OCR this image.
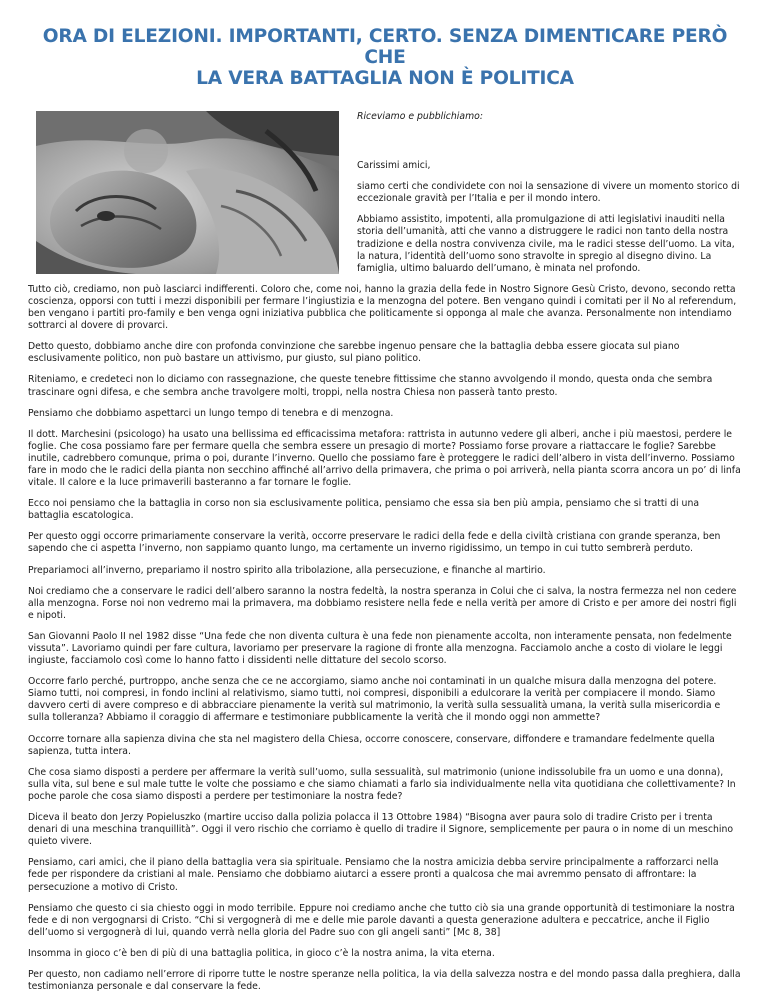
ORA DI ELEZIONI. IMPORTANTI, CERTO. SENZA DIMENTICARE PERÒ CHE
LA VERA BATTAGLIA NON È POLITICA

Riceviamo e pubblichiamo:

Carissimi amici,

siamo certi che condividete con noi la sensazione di vivere un momento storico di eccezionale gravità per l’Italia e per il mondo intero.

Abbiamo assistito, impotenti, alla promulgazione di atti legislativi inauditi nella storia dell’umanità, atti che vanno a distruggere le radici non tanto della nostra tradizione e della nostra convivenza civile, ma le radici stesse dell’uomo. La vita, la natura, l’identità dell’uomo sono stravolte in spregio al disegno divino. La famiglia, ultimo baluardo dell’umano, è minata nel profondo.

Tutto ciò, crediamo, non può lasciarci indifferenti. Coloro che, come noi, hanno la grazia della fede in Nostro Signore Gesù Cristo, devono, secondo retta coscienza, opporsi con tutti i mezzi disponibili per fermare l’ingiustizia e la menzogna del potere. Ben vengano quindi i comitati per il No al referendum, ben vengano i partiti pro-family e ben venga ogni iniziativa pubblica che politicamente si opponga al male che avanza. Personalmente non intendiamo sottrarci al dovere di provarci.

Detto questo, dobbiamo anche dire con profonda convinzione che sarebbe ingenuo pensare che la battaglia debba essere giocata sul piano esclusivamente politico, non può bastare un attivismo, pur giusto, sul piano politico.

Riteniamo, e credeteci non lo diciamo con rassegnazione, che queste tenebre fittissime che stanno avvolgendo il mondo, questa onda che sembra trascinare ogni difesa, e che sembra anche travolgere molti, troppi, nella nostra Chiesa non passerà tanto presto.

Pensiamo che dobbiamo aspettarci un lungo tempo di tenebra e di menzogna.

Il dott. Marchesini (psicologo) ha usato una bellissima ed efficacissima metafora: rattrista in autunno vedere gli alberi, anche i più maestosi, perdere le foglie. Che cosa possiamo fare per fermare quella che sembra essere un presagio di morte? Possiamo forse provare a riattaccare le foglie? Sarebbe inutile, cadrebbero comunque, prima o poi, durante l’inverno. Quello che possiamo fare è proteggere le radici dell’albero in vista dell’inverno. Possiamo fare in modo che le radici della pianta non secchino affinché all’arrivo della primavera, che prima o poi arriverà, nella pianta scorra ancora un po’ di linfa vitale. Il calore e la luce primaverili basteranno a far tornare le foglie.

Ecco noi pensiamo che la battaglia in corso non sia esclusivamente politica, pensiamo che essa sia ben più ampia, pensiamo che si tratti di una battaglia escatologica.

Per questo oggi occorre primariamente conservare la verità, occorre preservare le radici della fede e della civiltà cristiana con grande speranza, ben sapendo che ci aspetta l’inverno, non sappiamo quanto lungo, ma certamente un inverno rigidissimo, un tempo in cui tutto sembrerà perduto.

Prepariamoci all’inverno, prepariamo il nostro spirito alla tribolazione, alla persecuzione, e finanche al martirio.

Noi crediamo che a conservare le radici dell’albero saranno la nostra fedeltà, la nostra speranza in Colui che ci salva, la nostra fermezza nel non cedere alla menzogna. Forse noi non vedremo mai la primavera, ma dobbiamo resistere nella fede e nella verità per amore di Cristo e per amore dei nostri figli e nipoti.

San Giovanni Paolo II nel 1982 disse “Una fede che non diventa cultura è una fede non pienamente accolta, non interamente pensata, non fedelmente vissuta”. Lavoriamo quindi per fare cultura, lavoriamo per preservare la ragione di fronte alla menzogna. Facciamolo anche a costo di violare le leggi ingiuste, facciamolo così come lo hanno fatto i dissidenti nelle dittature del secolo scorso.

Occorre farlo perché, purtroppo, anche senza che ce ne accorgiamo, siamo anche noi contaminati in un qualche misura dalla menzogna del potere. Siamo tutti, noi compresi, in fondo inclini al relativismo, siamo tutti, noi compresi, disponibili a edulcorare la verità per compiacere il mondo. Siamo davvero certi di avere compreso e di abbracciare pienamente la verità sul matrimonio, la verità sulla sessualità umana, la verità sulla misericordia e sulla tolleranza? Abbiamo il coraggio di affermare e testimoniare pubblicamente la verità che il mondo oggi non ammette?

Occorre tornare alla sapienza divina che sta nel magistero della Chiesa, occorre conoscere, conservare, diffondere e tramandare fedelmente quella sapienza, tutta intera.

Che cosa siamo disposti a perdere per affermare la verità sull’uomo, sulla sessualità, sul matrimonio (unione indissolubile fra un uomo e una donna), sulla vita, sul bene e sul male tutte le volte che possiamo e che siamo chiamati a farlo sia individualmente nella vita quotidiana che collettivamente? In poche parole che cosa siamo disposti a perdere per testimoniare la nostra fede?

Diceva il beato don Jerzy Popieluszko (martire ucciso dalla polizia polacca il 13 Ottobre 1984) “Bisogna aver paura solo di tradire Cristo per i trenta denari di una meschina tranquillità”. Oggi il vero rischio che corriamo è quello di tradire il Signore, semplicemente per paura o in nome di un meschino quieto vivere.

Pensiamo, cari amici, che il piano della battaglia vera sia spirituale. Pensiamo che la nostra amicizia debba servire principalmente a rafforzarci nella fede per rispondere da cristiani al male. Pensiamo che dobbiamo aiutarci a essere pronti a qualcosa che mai avremmo pensato di affrontare: la persecuzione a motivo di Cristo.

Pensiamo che questo ci sia chiesto oggi in modo terribile. Eppure noi crediamo anche che tutto ciò sia una grande opportunità di testimoniare la nostra fede e di non vergognarsi di Cristo. “Chi si vergognerà di me e delle mie parole davanti a questa generazione adultera e peccatrice, anche il Figlio dell’uomo si vergognerà di lui, quando verrà nella gloria del Padre suo con gli angeli santi” [Mc 8, 38]

Insomma in gioco c’è ben di più di una battaglia politica, in gioco c’è la nostra anima, la vita eterna.

Per questo, non cadiamo nell’errore di riporre tutte le nostre speranze nella politica, la via della salvezza nostra e del mondo passa dalla preghiera, dalla testimonianza personale e dal conservare la fede.
